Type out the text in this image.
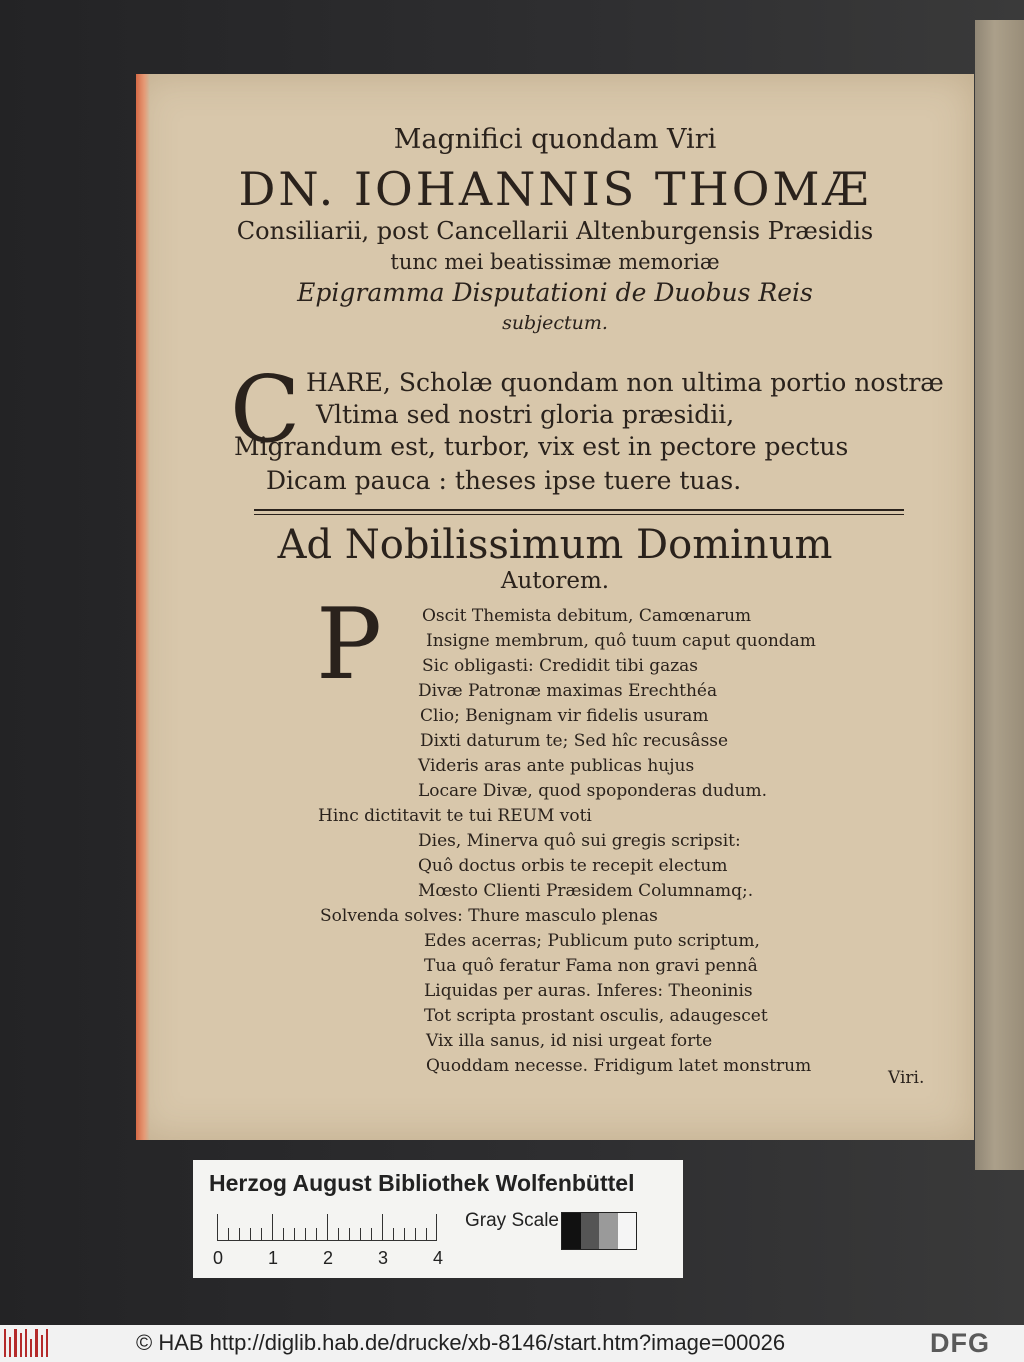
Magnifici quondam Viri
DN. IOHANNIS THOMÆ
Consiliarii, post Cancellarii Altenburgensis Præsidis
tunc mei beatissimæ memoriæ
Epigramma Disputationi de Duobus Reis
subjectum.
C HARE, Scholæ quondam non ultima portio nostræ
Vltima sed nostri gloria præsidii,
Migrandum est, turbor, vix est in pectore pectus
Dicam pauca : theses ipse tuere tuas.
Ad Nobilissimum Dominum
Autorem.
P Oscit Themista debitum, Camœnarum
Insigne membrum, quô tuum caput quondam
Sic obligasti: Credidit tibi gazas
Divæ Patronæ maximas Erechthéa
Clio; Benignam vir fidelis usuram
Dixti daturum te; Sed hîc recusâsse
Videris aras ante publicas hujus
Locare Divæ, quod spoponderas dudum.
Hinc dictitavit te tui REUM voti
Dies, Minerva quô sui gregis scripsit:
Quô doctus orbis te recepit electum
Mœsto Clienti Præsidem Columnamq;.
Solvenda solves: Thure masculo plenas
Edes acerras; Publicum puto scriptum,
Tua quô feratur Fama non gravi pennâ
Liquidas per auras. Inferes: Theoninis
Tot scripta prostant osculis, adaugescet
Vix illa sanus, id nisi urgeat forte
Quoddam necesse. Fridigum latet monstrum
Viri.
Herzog August Bibliothek Wolfenbüttel
0 1 2 3 4
Gray Scale
© HAB http://diglib.hab.de/drucke/xb-8146/start.htm?image=00026	DFG
